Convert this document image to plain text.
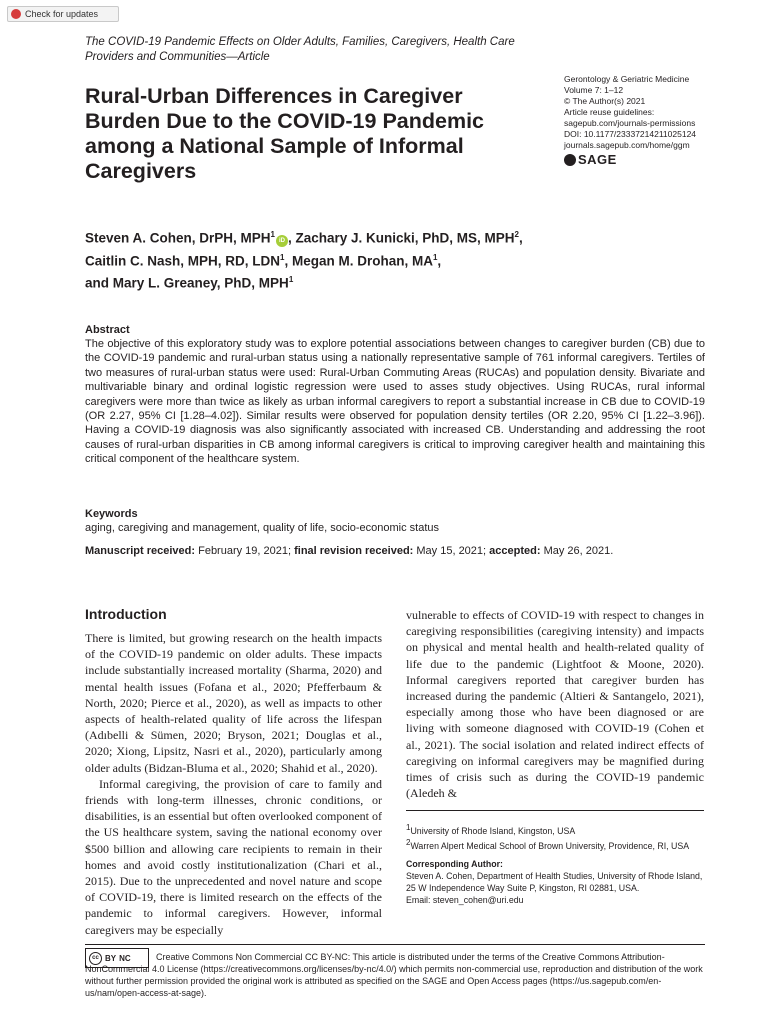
Check for updates
The COVID-19 Pandemic Effects on Older Adults, Families, Caregivers, Health Care Providers and Communities—Article
Rural-Urban Differences in Caregiver Burden Due to the COVID-19 Pandemic among a National Sample of Informal Caregivers
Gerontology & Geriatric Medicine
Volume 7: 1–12
© The Author(s) 2021
Article reuse guidelines:
sagepub.com/journals-permissions
DOI: 10.1177/23337214211025124
journals.sagepub.com/home/ggm
SAGE
Steven A. Cohen, DrPH, MPH$^1$iD , Zachary J. Kunicki, PhD, MS, MPH$^2$,
Caitlin C. Nash, MPH, RD, LDN$^1$, Megan M. Drohan, $MA^1$,
and Mary L. Greaney, PhD, MPH$^1$
Abstract
The objective of this exploratory study was to explore potential associations between changes to caregiver burden (CB) due to the COVID-19 pandemic and rural-urban status using a nationally representative sample of 761 informal caregivers. Tertiles of two measures of rural-urban status were used: Rural-Urban Commuting Areas (RUCAs) and population density. Bivariate and multivariable binary and ordinal logistic regression were used to asses study objectives. Using RUCAs, rural informal caregivers were more than twice as likely as urban informal caregivers to report a substantial increase in CB due to COVID-19 (OR 2.27, 95% CI [1.28–4.02]). Similar results were observed for population density tertiles (OR 2.20, 95% CI [1.22–3.96]). Having a COVID-19 diagnosis was also significantly associated with increased CB. Understanding and addressing the root causes of rural-urban disparities in CB among informal caregivers is critical to improving caregiver health and maintaining this critical component of the healthcare system.
Keywords
aging, caregiving and management, quality of life, socio-economic status
Manuscript received: February 19, 2021; final revision received: May 15, 2021; accepted: May 26, 2021.
Introduction

There is limited, but growing research on the health impacts of the COVID-19 pandemic on older adults. These impacts include substantially increased mortality (Sharma, 2020) and mental health issues (Fofana et al., 2020; Pfefferbaum & North, 2020; Pierce et al., 2020), as well as impacts to other aspects of health-related quality of life across the lifespan (Adıbelli & Sümen, 2020; Bryson, 2021; Douglas et al., 2020; Xiong, Lipsitz, Nasri et al., 2020), particularly among older adults (Bidzan-Bluma et al., 2020; Shahid et al., 2020).

Informal caregiving, the provision of care to family and friends with long-term illnesses, chronic conditions, or disabilities, is an essential but often overlooked component of the US healthcare system, saving the national economy over $500 billion and allowing care recipients to remain in their homes and avoid costly institutionalization (Chari et al., 2015). Due to the unprecedented and novel nature and scope of COVID-19, there is limited research on the effects of the pandemic to informal caregivers. However, informal caregivers may be especially

vulnerable to effects of COVID-19 with respect to changes in caregiving responsibilities (caregiving intensity) and impacts on physical and mental health and health-related quality of life due to the pandemic (Lightfoot & Moone, 2020). Informal caregivers reported that caregiver burden has increased during the pandemic (Altieri & Santangelo, 2021), especially among those who have been diagnosed or are living with someone diagnosed with COVID-19 (Cohen et al., 2021). The social isolation and related indirect effects of caregiving on informal caregivers may be magnified during times of crisis such as during the COVID-19 pandemic (Aledeh &

$^1$University of Rhode Island, Kingston, USA

$^2$Warren Alpert Medical School of Brown University, Providence, RI, USA

Corresponding Author:

Steven A. Cohen, Department of Health Studies, University of Rhode Island, 25 W Independence Way Suite P, Kingston, RI 02881, USA.

Email: steven_cohen@uri.edu

Creative Commons Non Commercial CC BY-NC: This article is distributed under the terms of the Creative Commons Attribution-NonCommercial 4.0 License (https://creativecommons.org/licenses/by-nc/4.0/) which permits non-commercial use, reproduction and distribution of the work without further permission provided the original work is attributed as specified on the SAGE and Open Access pages (https://us.sagepub.com/en-us/nam/open-access-at-sage).
cc BY NC
